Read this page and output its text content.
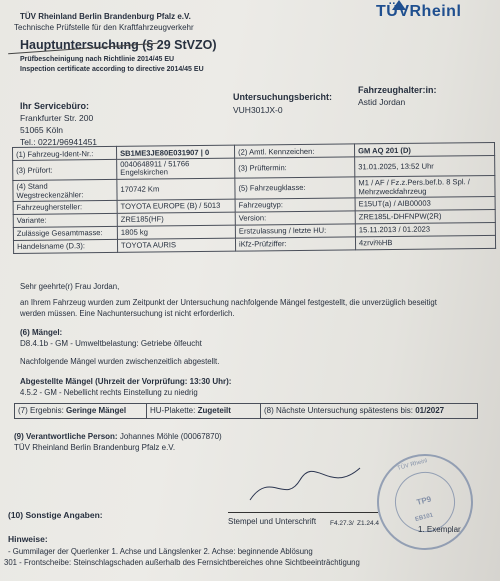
TÜV Rheinland Berlin Brandenburg Pfalz e.V.
Technische Prüfstelle für den Kraftfahrzeugverkehr
Hauptuntersuchung (§ 29 StVZO)
Prüfbescheinigung nach Richtlinie 2014/45 EU
Inspection certificate according to directive 2014/45 EU
TÜVRheinl
Ihr Servicebüro:
Frankfurter Str. 200
51065 Köln
Tel.: 0221/96941451
Untersuchungsbericht:
VUH301JX-0
Fahrzeughalter:in:
Astid Jordan
(1) Fahrzeug-Ident-Nr.:	SB1ME3JE80E031907 | 0	(2) Amtl. Kennzeichen:	GM AQ 201 (D)
(3) Prüfort:	0040648911 / 51766 Engelskirchen	(3) Prüftermin:	31.01.2025, 13:52 Uhr
(4) Stand Wegstreckenzähler:	170742 Km	(5) Fahrzeugklasse:	M1 / AF / Fz.z.Pers.bef.b. 8 Spl. / Mehrzweckfahrzeug
Fahrzeughersteller:	TOYOTA EUROPE (B) / 5013	Fahrzeugtyp:	E15UT(a) / AIB00003
Variante:	ZRE185(HF)	Version:	ZRE185L-DHFNPW(2R)
Zulässige Gesamtmasse:	1805 kg	Erstzulassung / letzte HU:	15.11.2013 / 01.2023
Handelsname (D.3):	TOYOTA AURIS	iKfz-Prüfziffer:	4zrvi%HB
Sehr geehrte(r) Frau Jordan,
an Ihrem Fahrzeug wurden zum Zeitpunkt der Untersuchung nachfolgende Mängel festgestellt, die unverzüglich beseitigt
werden müssen. Eine Nachuntersuchung ist nicht erforderlich.
(6) Mängel:
D8.4.1b - GM - Umweltbelastung: Getriebe ölfeucht
Nachfolgende Mängel wurden zwischenzeitlich abgestellt.
Abgestellte Mängel (Uhrzeit der Vorprüfung: 13:30 Uhr):
4.5.2 - GM - Nebellicht rechts Einstellung zu niedrig
(7) Ergebnis: Geringe Mängel	HU-Plakette: Zugeteilt	(8) Nächste Untersuchung spätestens bis: 01/2027
(9) Verantwortliche Person: Johannes Möhle (00067870)
TÜV Rheinland Berlin Brandenburg Pfalz e.V.
Stempel und Unterschrift F4.27.3/ Z1.24.4
TÜV Rheinl
TP9
EB101
1. Exemplar
(10) Sonstige Angaben:
Hinweise:
- Gummilager der Querlenker 1. Achse und Längslenker 2. Achse: beginnende Ablösung
301 - Frontscheibe: Steinschlagschaden außerhalb des Fernsichtbereiches ohne Sichtbeeinträchtigung
